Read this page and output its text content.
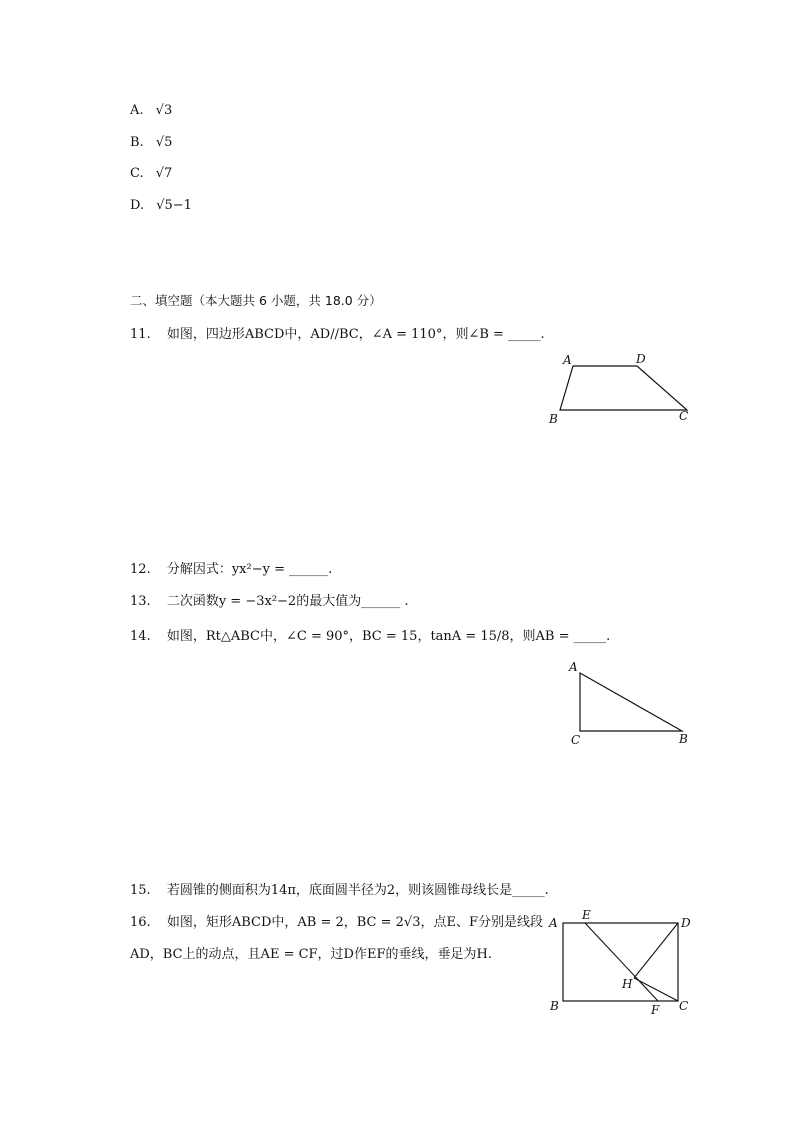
A. √3
B. √5
C. √7
D. √5−1
二、填空题（本大题共 6 小题，共 18.0 分）
11. 如图，四边形ABCD中，AD//BC，∠A = 110°，则∠B = _____.
A	D
B	C
12. 分解因式：yx²−y = ______.
13. 二次函数y = −3x²−2的最大值为______ .
14. 如图，Rt△ABC中，∠C = 90°，BC = 15，tanA = 15/8，则AB = _____.
A
C	B
15. 若圆锥的侧面积为14π，底面圆半径为2，则该圆锥母线长是_____.
16. 如图，矩形ABCD中，AB = 2，BC = 2√3，点E、F分别是线段
AD，BC上的动点，且AE = CF，过D作EF的垂线，垂足为H.
A
E
D
H
B	F C
